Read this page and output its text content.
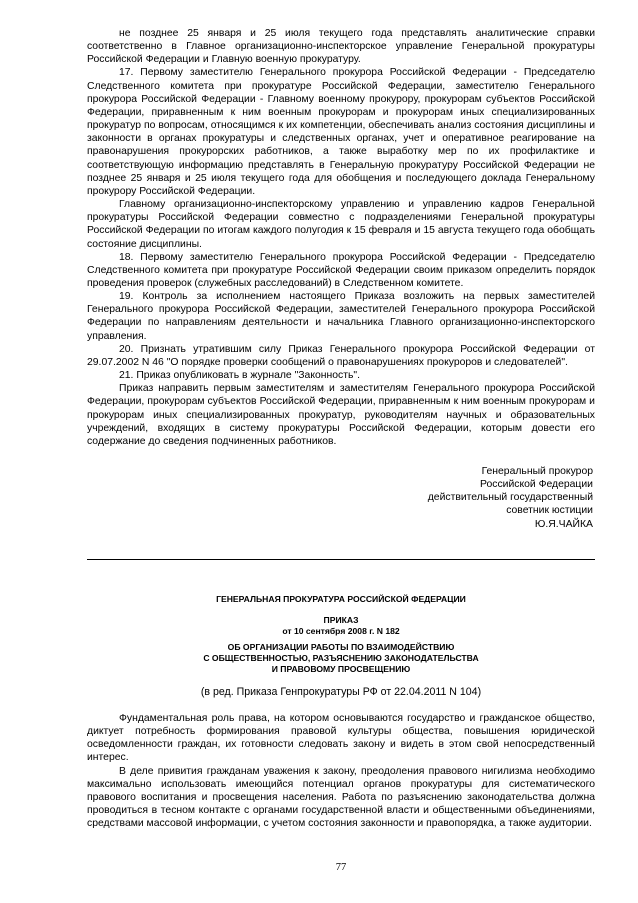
не позднее 25 января и 25 июля текущего года представлять аналитические справки соответственно в Главное организационно-инспекторское управление Генеральной прокуратуры Российской Федерации и Главную военную прокуратуру.

17. Первому заместителю Генерального прокурора Российской Федерации - Председателю Следственного комитета при прокуратуре Российской Федерации, заместителю Генерального прокурора Российской Федерации - Главному военному прокурору, прокурорам субъектов Российской Федерации, приравненным к ним военным прокурорам и прокурорам иных специализированных прокуратур по вопросам, относящимся к их компетенции, обеспечивать анализ состояния дисциплины и законности в органах прокуратуры и следственных органах, учет и оперативное реагирование на правонарушения прокурорских работников, а также выработку мер по их профилактике и соответствующую информацию представлять в Генеральную прокуратуру Российской Федерации не позднее 25 января и 25 июля текущего года для обобщения и последующего доклада Генеральному прокурору Российской Федерации.

Главному организационно-инспекторскому управлению и управлению кадров Генеральной прокуратуры Российской Федерации совместно с подразделениями Генеральной прокуратуры Российской Федерации по итогам каждого полугодия к 15 февраля и 15 августа текущего года обобщать состояние дисциплины.

18. Первому заместителю Генерального прокурора Российской Федерации - Председателю Следственного комитета при прокуратуре Российской Федерации своим приказом определить порядок проведения проверок (служебных расследований) в Следственном комитете.

19. Контроль за исполнением настоящего Приказа возложить на первых заместителей Генерального прокурора Российской Федерации, заместителей Генерального прокурора Российской Федерации по направлениям деятельности и начальника Главного организационно-инспекторского управления.

20. Признать утратившим силу Приказ Генерального прокурора Российской Федерации от 29.07.2002 N 46 "О порядке проверки сообщений о правонарушениях прокуроров и следователей".

21. Приказ опубликовать в журнале "Законность".

Приказ направить первым заместителям и заместителям Генерального прокурора Российской Федерации, прокурорам субъектов Российской Федерации, приравненным к ним военным прокурорам и прокурорам иных специализированных прокуратур, руководителям научных и образовательных учреждений, входящих в систему прокуратуры Российской Федерации, которым довести его содержание до сведения подчиненных работников.

Генеральный прокурор
Российской Федерации
действительный государственный
советник юстиции
Ю.Я.ЧАЙКА
ГЕНЕРАЛЬНАЯ ПРОКУРАТУРА РОССИЙСКОЙ ФЕДЕРАЦИИ
ПРИКАЗ
от 10 сентября 2008 г. N 182
ОБ ОРГАНИЗАЦИИ РАБОТЫ ПО ВЗАИМОДЕЙСТВИЮ
С ОБЩЕСТВЕННОСТЬЮ, РАЗЪЯСНЕНИЮ ЗАКОНОДАТЕЛЬСТВА
И ПРАВОВОМУ ПРОСВЕЩЕНИЮ
(в ред. Приказа Генпрокуратуры РФ от 22.04.2011 N 104)

Фундаментальная роль права, на котором основываются государство и гражданское общество, диктует потребность формирования правовой культуры общества, повышения юридической осведомленности граждан, их готовности следовать закону и видеть в этом свой непосредственный интерес.

В деле привития гражданам уважения к закону, преодоления правового нигилизма необходимо максимально использовать имеющийся потенциал органов прокуратуры для систематического правового воспитания и просвещения населения. Работа по разъяснению законодательства должна проводиться в тесном контакте с органами государственной власти и общественными объединениями, средствами массовой информации, с учетом состояния законности и правопорядка, а также аудитории.

77
